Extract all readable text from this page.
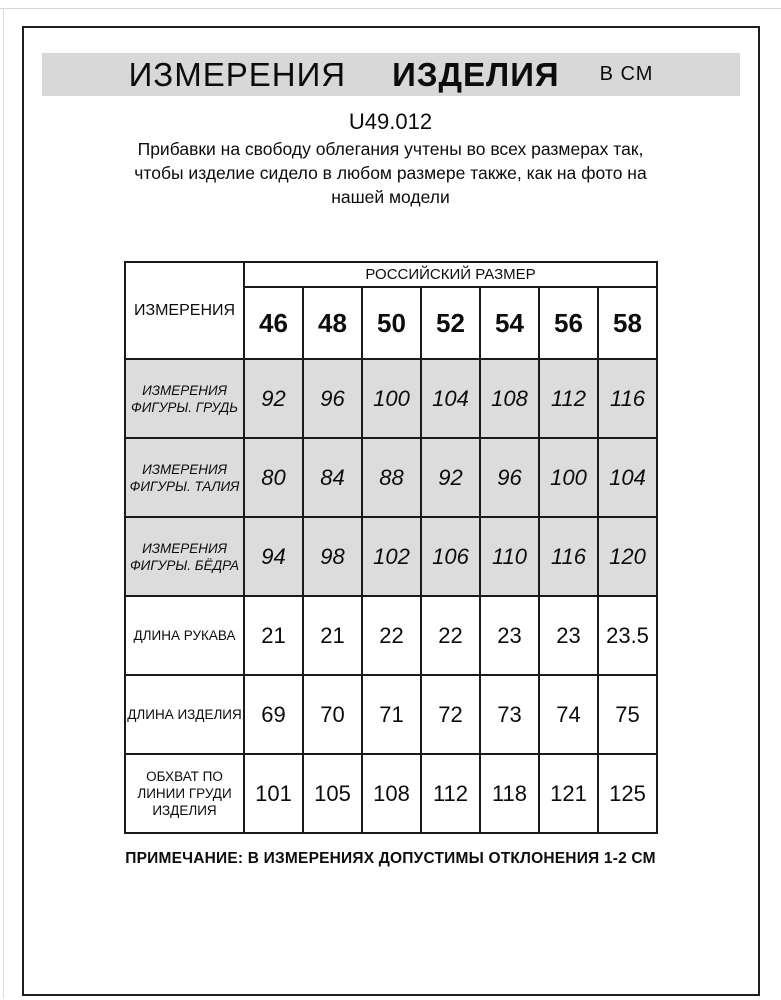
ИЗМЕРЕНИЯ ИЗДЕЛИЯ В СМ
U49.012
Прибавки на свободу облегания учтены во всех размерах так,
чтобы изделие сидело в любом размере также, как на фото на
нашей модели
ИЗМЕРЕНИЯ	РОССИЙСКИЙ РАЗМЕР						
	46	48	50	52	54	56	58
ИЗМЕРЕНИЯ ФИГУРЫ. ГРУДЬ	92	96	100	104	108	112	116
ИЗМЕРЕНИЯ ФИГУРЫ. ТАЛИЯ	80	84	88	92	96	100	104
ИЗМЕРЕНИЯ ФИГУРЫ. БЁДРА	94	98	102	106	110	116	120
ДЛИНА РУКАВА	21	21	22	22	23	23	23.5
ДЛИНА ИЗДЕЛИЯ	69	70	71	72	73	74	75
ОБХВАТ ПО ЛИНИИ ГРУДИ ИЗДЕЛИЯ	101	105	108	112	118	121	125
ПРИМЕЧАНИЕ: В ИЗМЕРЕНИЯХ ДОПУСТИМЫ ОТКЛОНЕНИЯ 1-2 СМ
